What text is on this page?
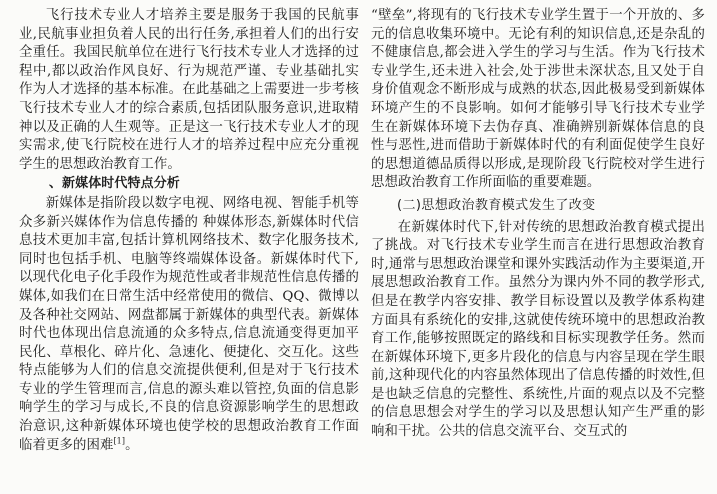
飞行技术专业人才培养主要是服务于我国的民航事业,民航事业担负着人民的出行任务,承担着人们的出行安全重任。我国民航单位在进行飞行技术专业人才选择的过程中,都以政治作风良好、行为规范严谨、专业基础扎实作为人才选择的基本标准。在此基础之上需要进一步考核飞行技术专业人才的综合素质,包括团队服务意识,进取精神以及正确的人生观等。正是这一飞行技术专业人才的现实需求,使飞行院校在进行人才的培养过程中应充分重视学生的思想政治教育工作。

、新媒体时代特点分析

新媒体是指阶段以数字电视、网络电视、智能手机等众多新兴媒体作为信息传播的 种媒体形态,新媒体时代信息技术更加丰富,包括计算机网络技术、数字化服务技术,同时也包括手机、电脑等终端媒体设备。新媒体时代下,以现代化电子化手段作为规范性或者非规范性信息传播的媒体,如我们在日常生活中经常使用的微信、QQ、微博以及各种社交网站、网盘都属于新媒体的典型代表。新媒体时代也体现出信息流通的众多特点,信息流通变得更加平民化、草根化、碎片化、急速化、便捷化、交互化。这些特点能够为人们的信息交流提供便利,但是对于飞行技术专业的学生管理而言,信息的源头难以管控,负面的信息影响学生的学习与成长,不良的信息资源影响学生的思想政治意识,这种新媒体环境也使学校的思想政治教育工作面临着更多的困难[1]。

“壁垒”,将现有的飞行技术专业学生置于一个开放的、多元的信息收集环境中。无论有利的知识信息,还是杂乱的不健康信息,都会进入学生的学习与生活。作为飞行技术专业学生,还未进入社会,处于涉世未深状态,且又处于自身价值观念不断形成与成熟的状态,因此极易受到新媒体环境产生的不良影响。如何才能够引导飞行技术专业学生在新媒体环境下去伪存真、准确辨别新媒体信息的良性与恶性,进而借助于新媒体时代的有利面促使学生良好的思想道德品质得以形成,是现阶段飞行院校对学生进行思想政治教育工作所面临的重要难题。

(二)思想政治教育模式发生了改变

在新媒体时代下,针对传统的思想政治教育模式提出了挑战。对飞行技术专业学生而言在进行思想政治教育时,通常与思想政治课堂和课外实践活动作为主要渠道,开展思想政治教育工作。虽然分为课内外不同的教学形式,但是在教学内容安排、教学目标设置以及教学体系构建方面具有系统化的安排,这就使传统环境中的思想政治教育工作,能够按照既定的路线和目标实现教学任务。然而在新媒体环境下,更多片段化的信息与内容呈现在学生眼前,这种现代化的内容虽然体现出了信息传播的时效性,但是也缺乏信息的完整性、系统性,片面的观点以及不完整的信息思想会对学生的学习以及思想认知产生严重的影响和干扰。公共的信息交流平台、交互式的
